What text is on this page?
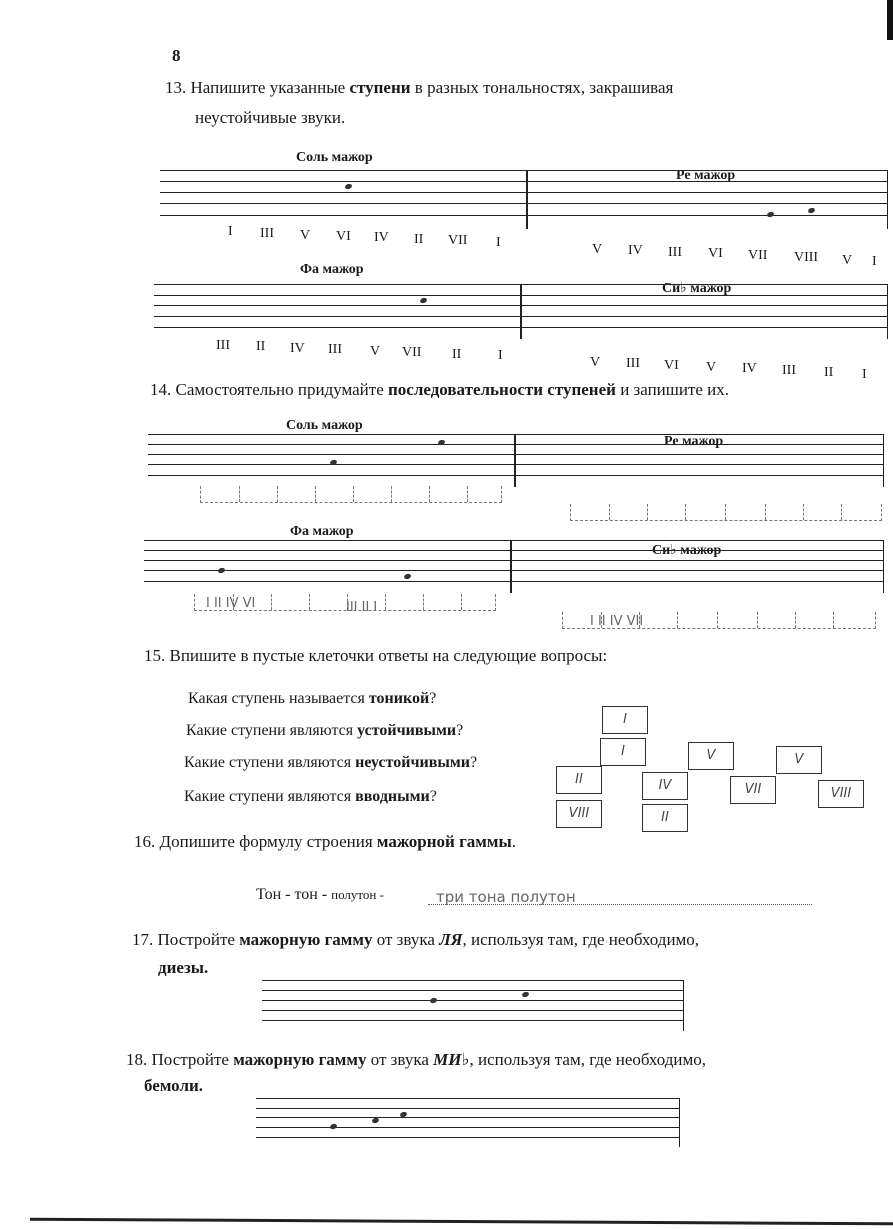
8
13. Напишите указанные ступени в разных тональностях, закрашивая
неустойчивые звуки.
Соль мажор
Ре мажор
I III V VI IV II VII I	V IV III VI VII VIII V I
Фа мажор
Си♭ мажор
III II IV III V VII II	I	V III VI V IV III II I
14. Самостоятельно придумайте последовательности ступеней и запишите их.
Соль мажор
Ре мажор
Фа мажор
Си♭ мажор
I II IV VI	III II I
I II IV VII
15. Впишите в пустые клеточки ответы на следующие вопросы:
Какая ступень называется тоникой?
I
Какие ступени являются устойчивыми?
I	V	V
Какие ступени являются неустойчивыми?
II	IV	VII	VIII
Какие ступени являются вводными?
VIII	II
16. Допишите формулу строения мажорной гаммы.
Тон - тон - полутон -	три тона полутон
17. Постройте мажорную гамму от звука ЛЯ, используя там, где необходимо,
диезы.
18. Постройте мажорную гамму от звука МИ♭, используя там, где необходимо,
бемоли.
